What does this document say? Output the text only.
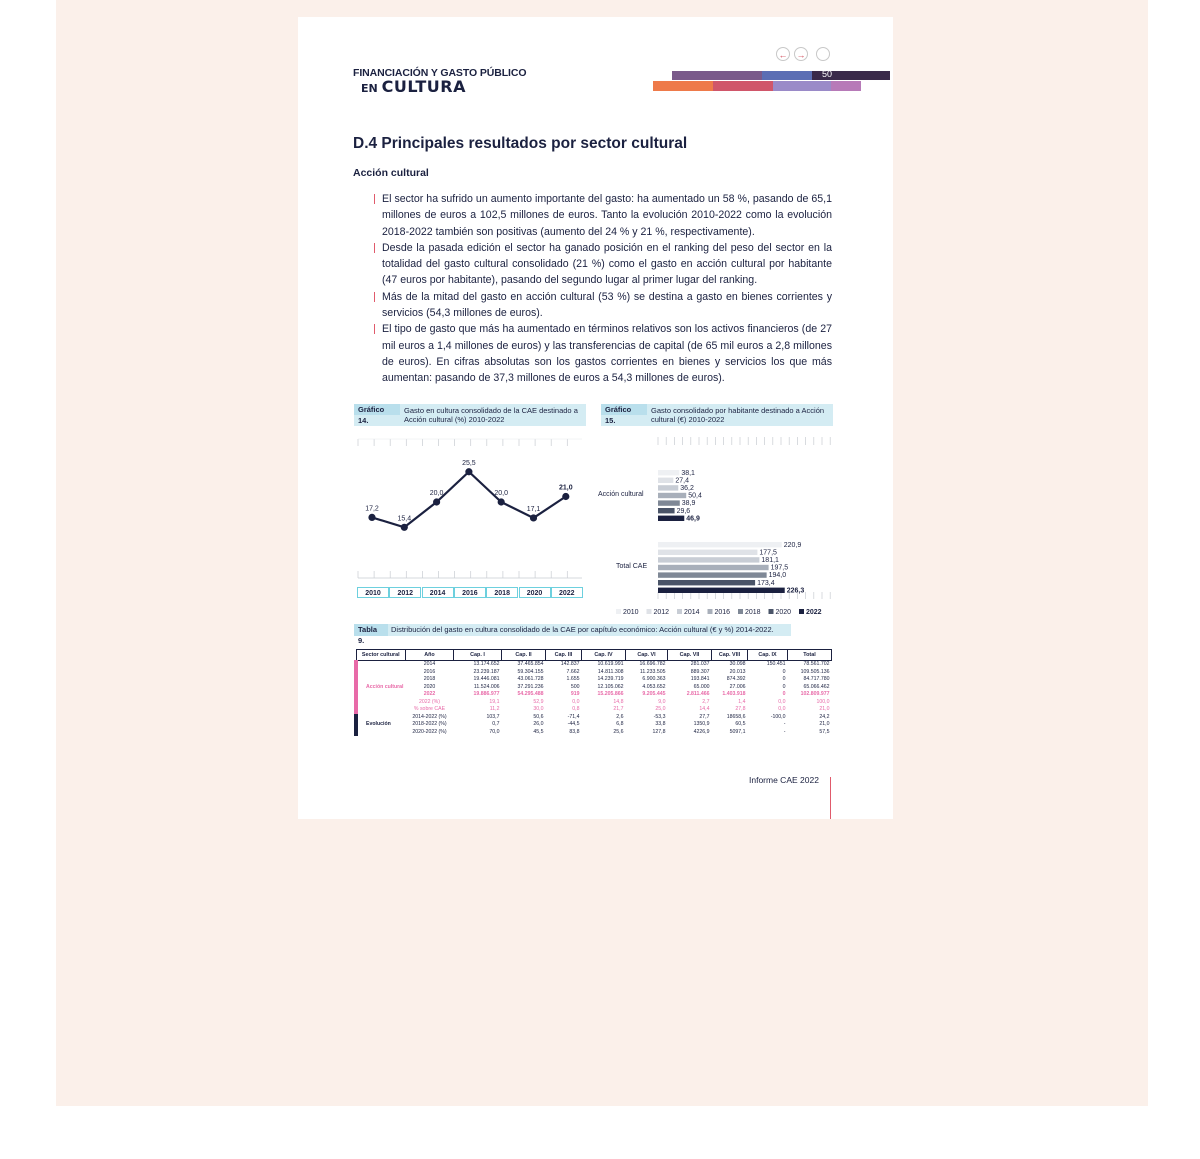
FINANCIACIÓN Y GASTO PÚBLICO
EN CULTURA
← →
50
D.4 Principales resultados por sector cultural
Acción cultural
El sector ha sufrido un aumento importante del gasto: ha aumentado un 58 %, pasando de 65,1 millones de euros a 102,5 millones de euros. Tanto la evolución 2010-2022 como la evolución 2018-2022 también son positivas (aumento del 24 % y 21 %, respectivamente).
Desde la pasada edición el sector ha ganado posición en el ranking del peso del sector en la totalidad del gasto cultural consolidado (21 %) como el gasto en acción cultural por habitante (47 euros por habitante), pasando del segundo lugar al primer lugar del ranking.
Más de la mitad del gasto en acción cultural (53 %) se destina a gasto en bienes corrientes y servicios (54,3 millones de euros).
El tipo de gasto que más ha aumentado en términos relativos son los activos financieros (de 27 mil euros a 1,4 millones de euros) y las transferencias de capital (de 65 mil euros a 2,8 millones de euros). En cifras absolutas son los gastos corrientes en bienes y servicios los que más aumentan: pasando de 37,3 millones de euros a 54,3 millones de euros).
Gráfico 14.
Gasto en cultura consolidado de la CAE destinado a
Acción cultural (%) 2010-2022
17,2
15,4
20,0
25,5
20,0
17,1
21,0
Gráfico 15.
Gasto consolidado por habitante destinado a Acción
cultural (€) 2010-2022
Acción cultural
38,1
27,4
36,2
50,4
38,9
29,6
46,9
Total CAE
220,9
177,5
181,1
197,5
194,0
173,4
226,3
2010 2012 2014 2016 2018 2020 2022
Tabla 9.
Distribución del gasto en cultura consolidado de la CAE por capítulo económico: Acción cultural (€ y %) 2014-2022.
Sector cultural	Año	Cap. I	Cap. II	Cap. III	Cap. IV	Cap. VI	Cap. VII	Cap. VIII	Cap. IX	Total
Acción cultural	2014	13.174.652	37.465.854	142.837	10.619.991	16.696.782	281.037	30.098	150.451	78.561.702
	2016	23.239.187	59.304.155	7.662	14.811.308	11.233.505	889.307	20.013	0	109.505.136
	2018	19.446.081	43.061.728	1.655	14.239.719	6.900.363	193.841	874.392	0	84.717.780
	2020	11.524.006	37.291.236	500	12.105.062	4.053.652	65.000	27.006	0	65.066.462
	2022	19.886.977	54.295.488	919	15.205.866	9.205.445	2.811.466	1.403.918	0	102.809.977
	2022 (%)	19,1	52,9	0,0	14,8	9,0	2,7	1,4	0,0	100,0
	% sobre CAE	11,2	30,0	0,8	21,7	25,0	14,4	27,8	0,0	21,0
Evolución	2014-2022 (%)	103,7	50,6	-71,4	2,6	-53,3	27,7	18658,6	-100,0	24,2
	2018-2022 (%)	0,7	26,0	-44,5	6,8	33,8	1350,9	60,5	-	21,0
	2020-2022 (%)	70,0	45,5	83,8	25,6	127,8	4226,9	5097,1	-	57,5
Informe CAE 2022
2010	2012	2014	2016	2018	2020	2022
